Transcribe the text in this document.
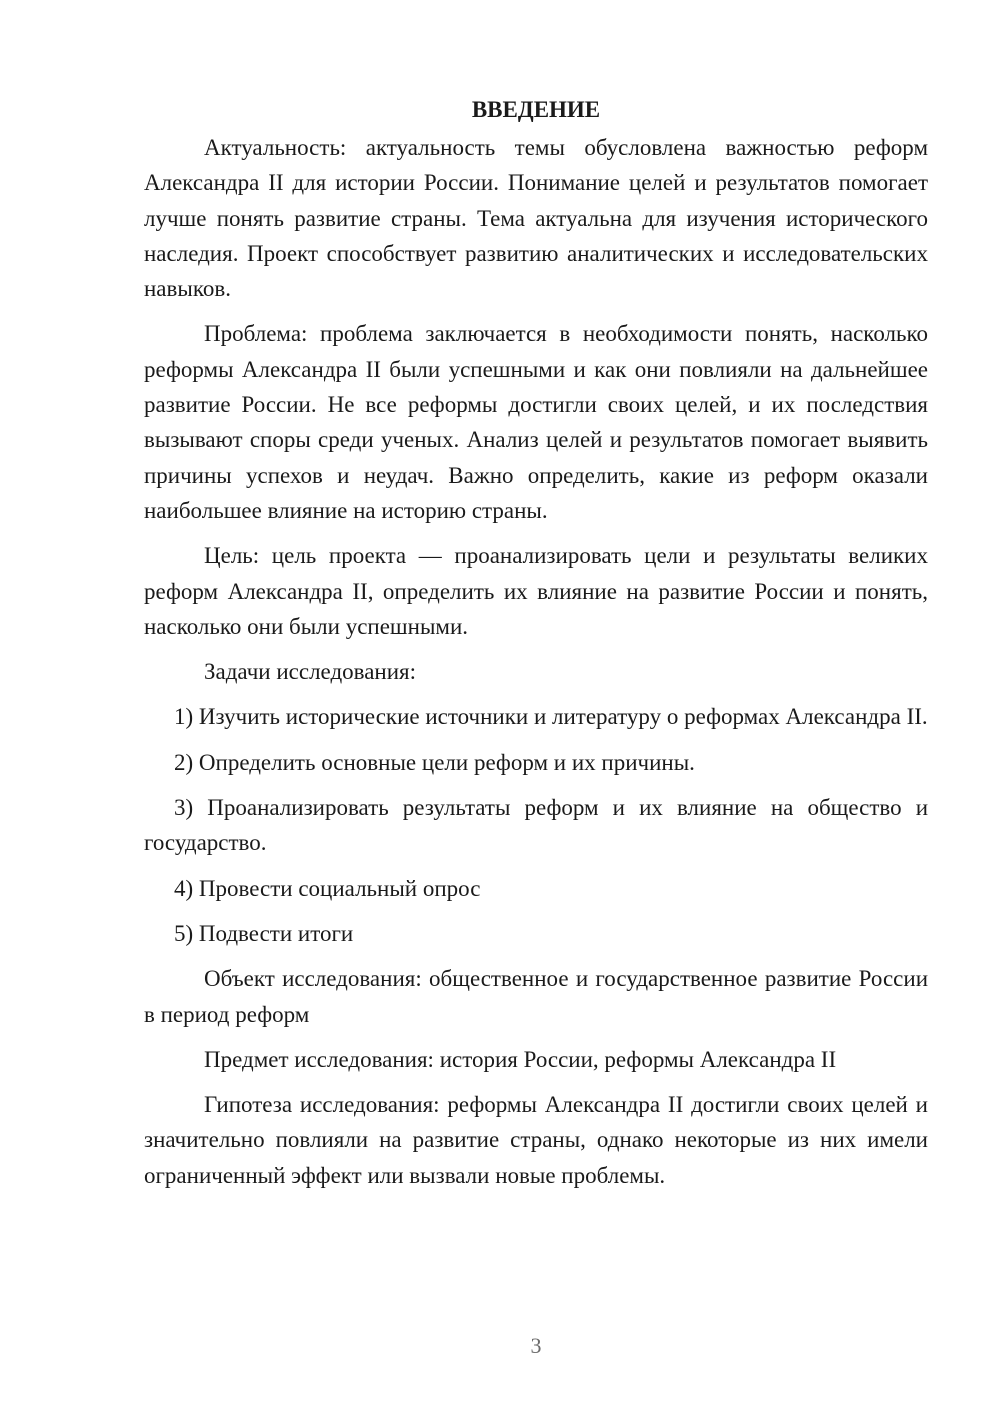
ВВЕДЕНИЕ

Актуальность: актуальность темы обусловлена важностью реформ Александра II для истории России. Понимание целей и результатов помогает лучше понять развитие страны. Тема актуальна для изучения исторического наследия. Проект способствует развитию аналитических и исследовательских навыков.

Проблема: проблема заключается в необходимости понять, насколько реформы Александра II были успешными и как они повлияли на дальнейшее развитие России. Не все реформы достигли своих целей, и их последствия вызывают споры среди ученых. Анализ целей и результатов помогает выявить причины успехов и неудач. Важно определить, какие из реформ оказали наибольшее влияние на историю страны.

Цель: цель проекта — проанализировать цели и результаты великих реформ Александра II, определить их влияние на развитие России и понять, насколько они были успешными.

Задачи исследования:

1) Изучить исторические источники и литературу о реформах Александра II.

2) Определить основные цели реформ и их причины.

3) Проанализировать результаты реформ и их влияние на общество и государство.

4) Провести социальный опрос

5) Подвести итоги

Объект исследования: общественное и государственное развитие России в период реформ

Предмет исследования: история России, реформы Александра II

Гипотеза исследования: реформы Александра II достигли своих целей и значительно повлияли на развитие страны, однако некоторые из них имели ограниченный эффект или вызвали новые проблемы.

3
